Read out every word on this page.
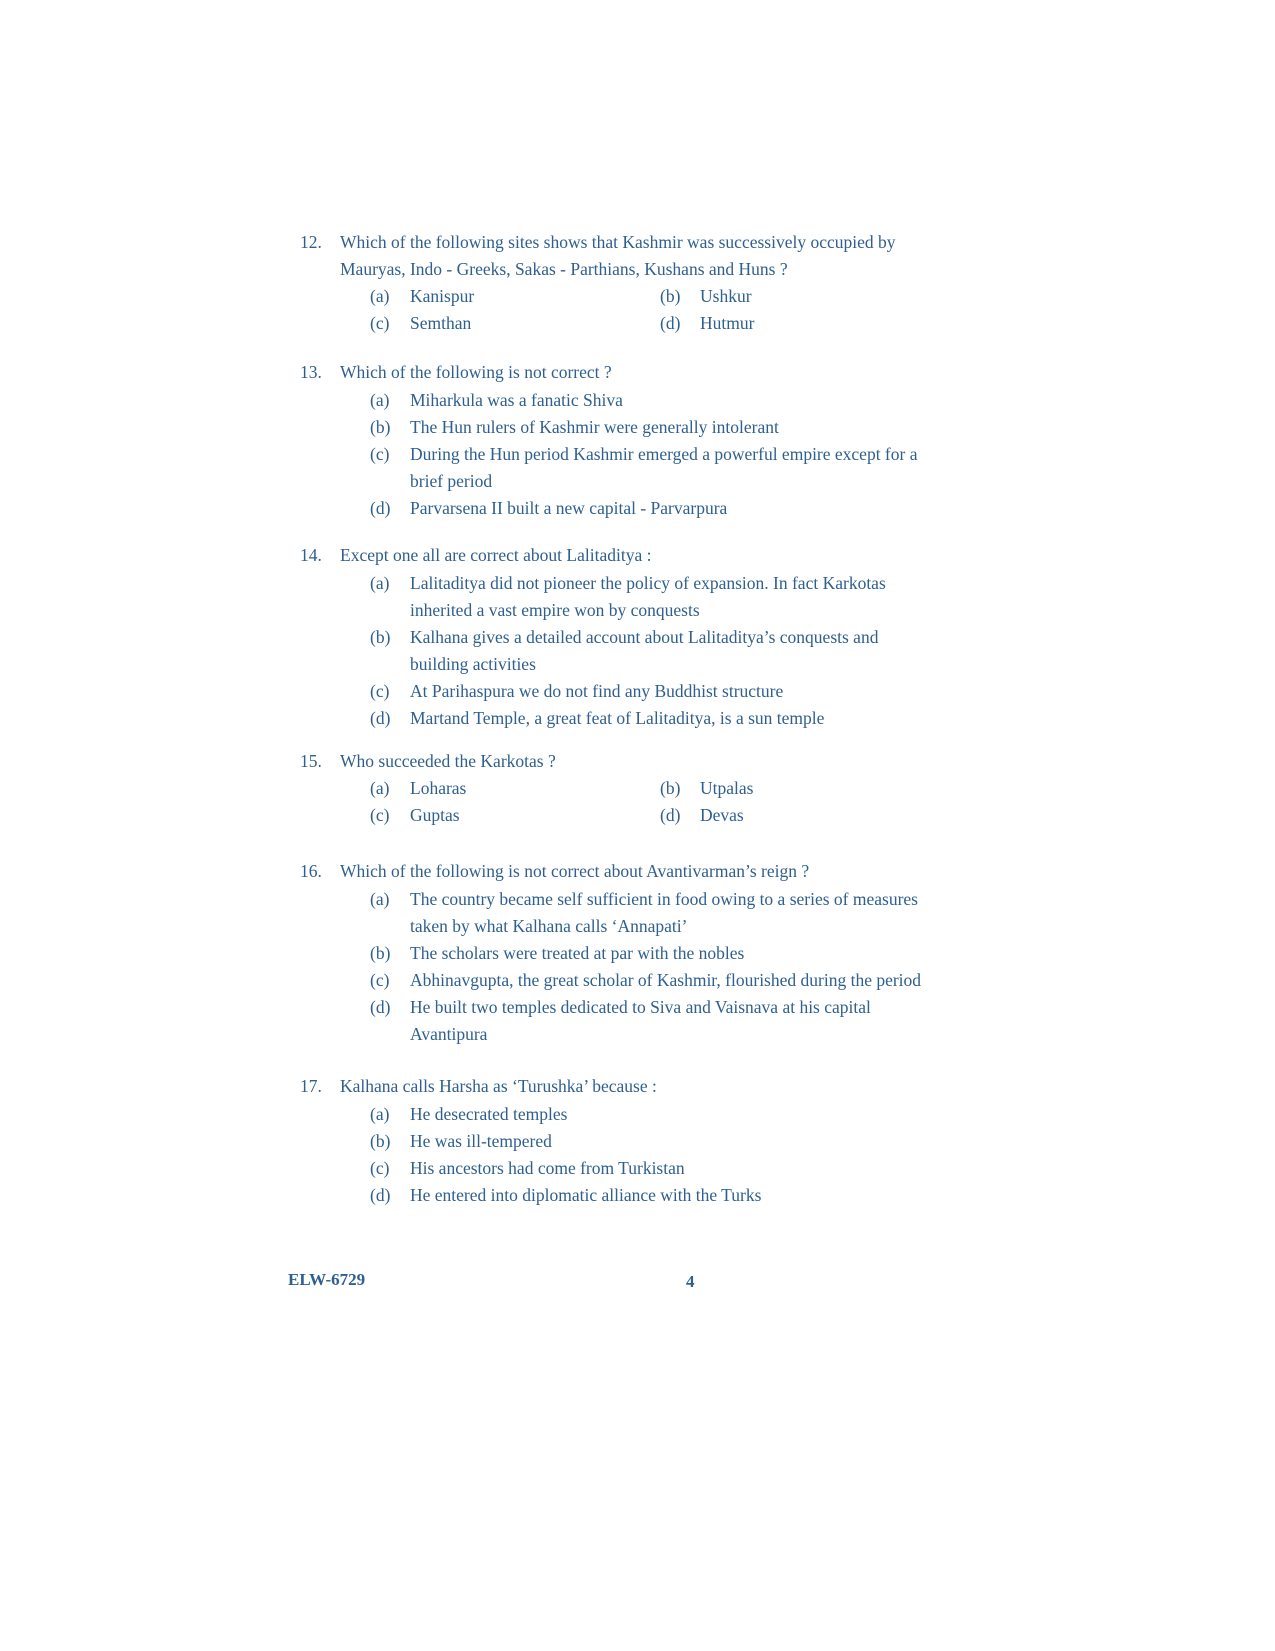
12.	Which of the following sites shows that Kashmir was successively occupied by Mauryas, Indo - Greeks, Sakas - Parthians, Kushans and Huns ?
(a)	Kanispur	(b)	Ushkur
(c)	Semthan	(d)	Hutmur
13.	Which of the following is not correct ?
(a)	Miharkula was a fanatic Shiva
(b)	The Hun rulers of Kashmir were generally intolerant
(c)	During the Hun period Kashmir emerged a powerful empire except for a brief period
(d)	Parvarsena II built a new capital - Parvarpura
14.	Except one all are correct about Lalitaditya :
(a)	Lalitaditya did not pioneer the policy of expansion. In fact Karkotas inherited a vast empire won by conquests
(b)	Kalhana gives a detailed account about Lalitaditya’s conquests and building activities
(c)	At Parihaspura we do not find any Buddhist structure
(d)	Martand Temple, a great feat of Lalitaditya, is a sun temple
15.	Who succeeded the Karkotas ?
(a)	Loharas	(b)	Utpalas
(c)	Guptas	(d)	Devas
16.	Which of the following is not correct about Avantivarman’s reign ?
(a)	The country became self sufficient in food owing to a series of measures taken by what Kalhana calls ‘Annapati’
(b)	The scholars were treated at par with the nobles
(c)	Abhinavgupta, the great scholar of Kashmir, flourished during the period
(d)	He built two temples dedicated to Siva and Vaisnava at his capital Avantipura
17.	Kalhana calls Harsha as ‘Turushka’ because :
(a)	He desecrated temples
(b)	He was ill-tempered
(c)	His ancestors had come from Turkistan
(d)	He entered into diplomatic alliance with the Turks
ELW-6729	4
